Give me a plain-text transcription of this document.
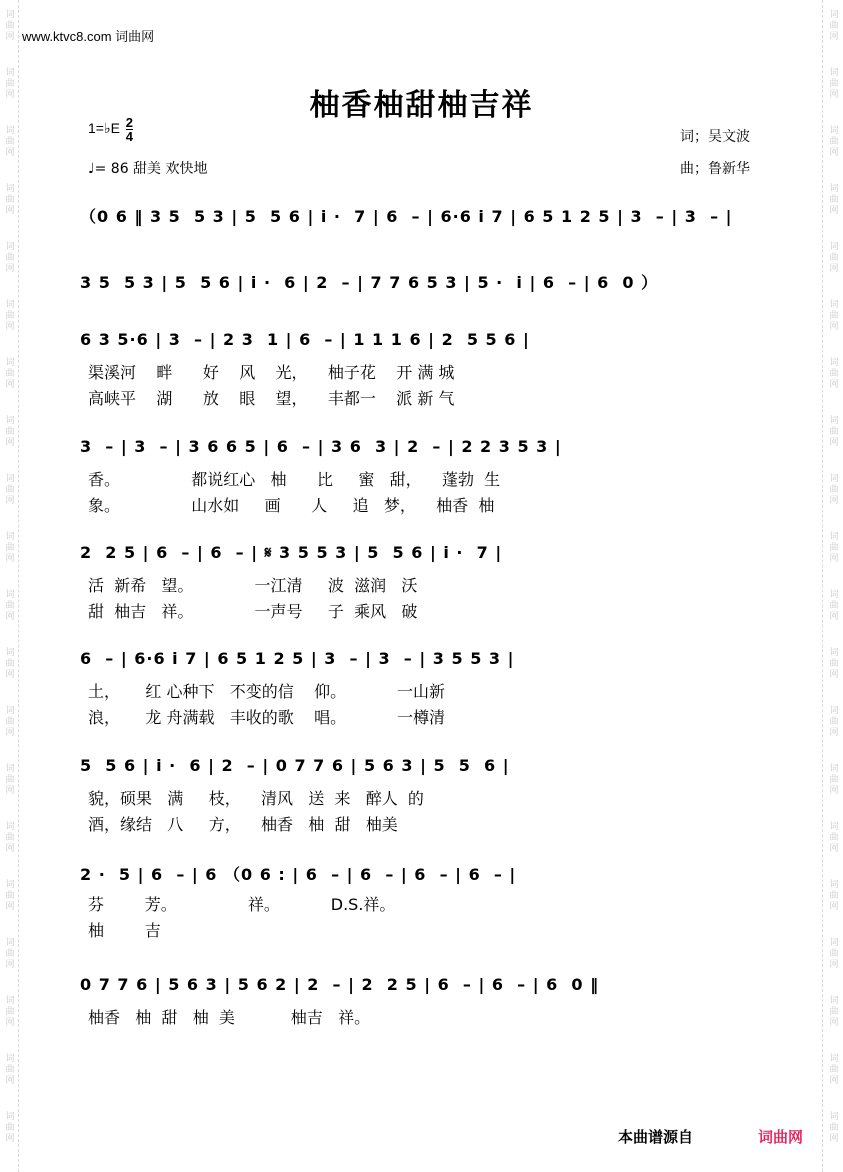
词曲网
词曲网
词曲网
词曲网
词曲网
词曲网
词曲网
词曲网
词曲网
词曲网
词曲网
词曲网
词曲网
词曲网
词曲网
词曲网
词曲网
词曲网
词曲网
词曲网
词曲网
词曲网
词曲网
词曲网
词曲网
词曲网
词曲网
词曲网
词曲网
词曲网
词曲网
词曲网
词曲网
词曲网
词曲网
词曲网
词曲网
词曲网
词曲网
词曲网
www.ktvc8.com 词曲网
柚香柚甜柚吉祥
1=♭E $\frac{2}{4}$
♩= 86 甜美 欢快地
词；吴文波
曲；鲁新华
（0 6 ‖ 3 5  5 3 | 5  5 6 | i ·  7 | 6  – | 6·6 i 7 | 6 5 1 2 5 | 3  – | 3  – |
3 5  5 3 | 5  5 6 | i ·  6 | 2  – | 7 7 6 5 3 | 5 ·  i | 6  – | 6  0 ）
6 3 5·6 | 3  – | 2 3  1 | 6  – | 1 1 1 6 | 2  5 5 6 |
渠溪河    畔      好    风    光，    柚子花    开 满 城
高峡平    湖      放    眼    望，    丰都一    派 新 气
3  – | 3  – | 3 6 6 5 | 6  – | 3 6  3 | 2  – | 2 2 3 5 3 |
香。              都说红心   柚      比     蜜   甜，    蓬勃  生
象。              山水如     画      人     追   梦，    柚香  柚
2  2 5 | 6  – | 6  – | 𝄋 3 5 5 3 | 5  5 6 | i ·  7 |
活  新希   望。            一江清     波  滋润   沃
甜  柚吉   祥。            一声号     子  乘风   破
6  – | 6·6 i 7 | 6 5 1 2 5 | 3  – | 3  – | 3 5 5 3 |
土，     红 心种下   不变的信    仰。          一山新
浪，     龙 舟满载   丰收的歌    唱。          一樽清
5  5 6 | i ·  6 | 2  – | 0 7 7 6 | 5 6 3 | 5  5  6 |
貌，硕果   满     枝，    清风   送  来   醉人  的
酒，缘结   八     方，    柚香   柚  甜   柚美
2 ·  5 | 6  – | 6 （0 6 : | 6  – | 6  – | 6  – | 6  – |
芬        芳。              祥。          D.S.祥。
柚        吉
0 7 7 6 | 5 6 3 | 5 6 2 | 2  – | 2  2 5 | 6  – | 6  – | 6  0 ‖
柚香   柚  甜   柚  美           柚吉   祥。
本曲谱源自	词曲网
